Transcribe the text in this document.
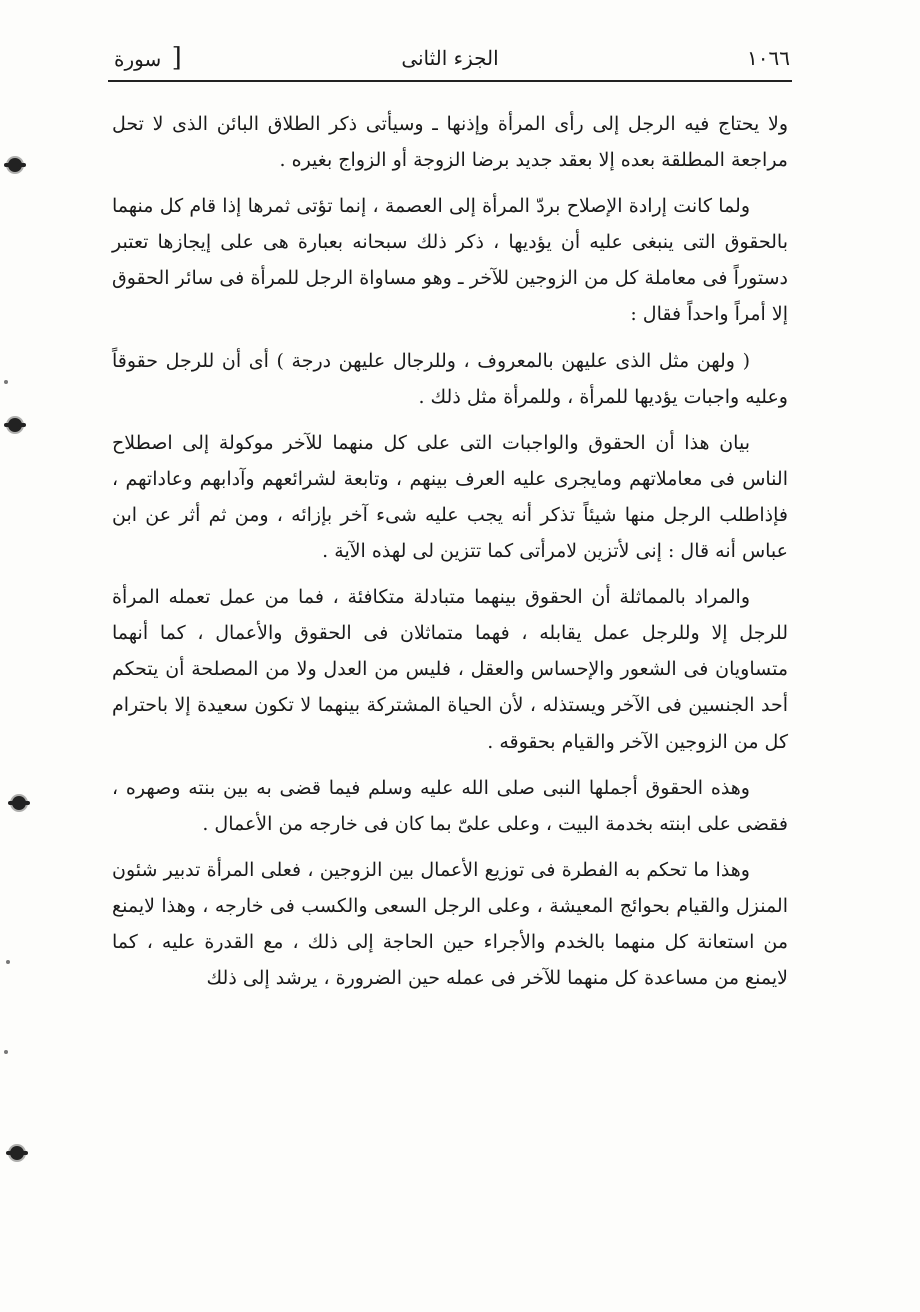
١٠٦٦
الجزء الثانى
[ سورة

ولا يحتاج فيه الرجل إلى رأى المرأة وإذنها ـ وسيأتى ذكر الطلاق البائن الذى لا تحل مراجعة المطلقة بعده إلا بعقد جديد برضا الزوجة أو الزواج بغيره .

ولما كانت إرادة الإصلاح بردّ المرأة إلى العصمة ، إنما تؤتى ثمرها إذا قام كل منهما بالحقوق التى ينبغى عليه أن يؤديها ، ذكر ذلك سبحانه بعبارة هى على إيجازها تعتبر دستوراً فى معاملة كل من الزوجين للآخر ـ وهو مساواة الرجل للمرأة فى سائر الحقوق إلا أمراً واحداً فقال :

( ولهن مثل الذى عليهن بالمعروف ، وللرجال عليهن درجة ) أى أن للرجل حقوقاً وعليه واجبات يؤديها للمرأة ، وللمرأة مثل ذلك .

بيان هذا أن الحقوق والواجبات التى على كل منهما للآخر موكولة إلى اصطلاح الناس فى معاملاتهم ومايجرى عليه العرف بينهم ، وتابعة لشرائعهم وآدابهم وعاداتهم ، فإذاطلب الرجل منها شيئاً تذكر أنه يجب عليه شىء آخر بإزائه ، ومن ثم أثر عن ابن عباس أنه قال : إنى لأتزين لامرأتى كما تتزين لى لهذه الآية .

والمراد بالمماثلة أن الحقوق بينهما متبادلة متكافئة ، فما من عمل تعمله المرأة للرجل إلا وللرجل عمل يقابله ، فهما متماثلان فى الحقوق والأعمال ، كما أنهما متساويان فى الشعور والإحساس والعقل ، فليس من العدل ولا من المصلحة أن يتحكم أحد الجنسين فى الآخر ويستذله ، لأن الحياة المشتركة بينهما لا تكون سعيدة إلا باحترام كل من الزوجين الآخر والقيام بحقوقه .

وهذه الحقوق أجملها النبى صلى الله عليه وسلم فيما قضى به بين بنته وصهره ، فقضى على ابنته بخدمة البيت ، وعلى علىّ بما كان فى خارجه من الأعمال .

وهذا ما تحكم به الفطرة فى توزيع الأعمال بين الزوجين ، فعلى المرأة تدبير شئون المنزل والقيام بحوائج المعيشة ، وعلى الرجل السعى والكسب فى خارجه ، وهذا لايمنع من استعانة كل منهما بالخدم والأجراء حين الحاجة إلى ذلك ، مع القدرة عليه ، كما لايمنع من مساعدة كل منهما للآخر فى عمله حين الضرورة ، يرشد إلى ذلك
